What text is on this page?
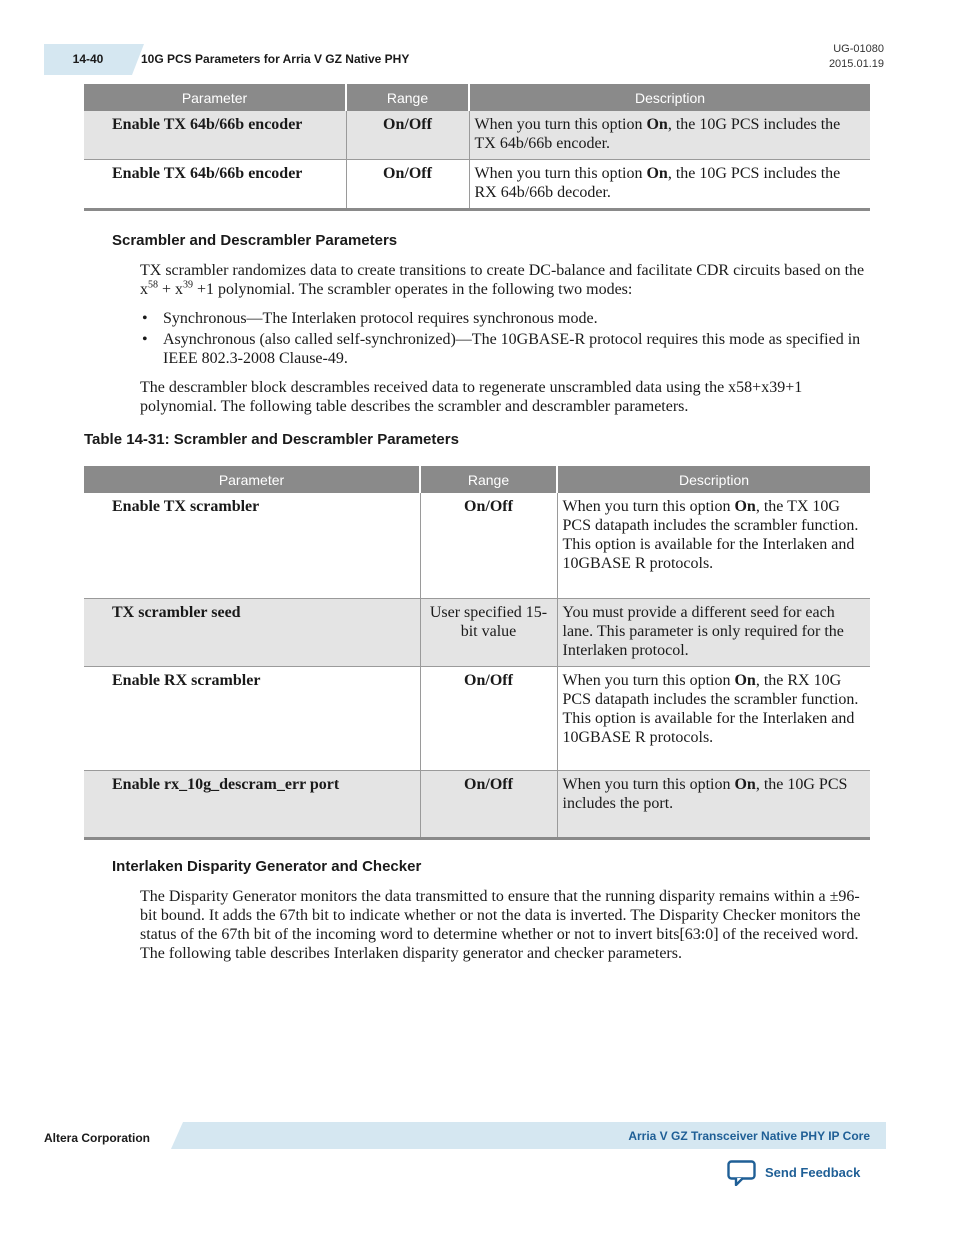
14-40	10G PCS Parameters for Arria V GZ Native PHY
UG-01080
2015.01.19
Parameter	Range	Description
Enable TX 64b/66b encoder	On/Off	When you turn this option On, the 10G PCS includes the TX 64b/66b encoder.
Enable TX 64b/66b encoder	On/Off	When you turn this option On, the 10G PCS includes the RX 64b/66b decoder.
Scrambler and Descrambler Parameters
TX scrambler randomizes data to create transitions to create DC-balance and facilitate CDR circuits based on the $x^{58} + x^{39} +1$ polynomial. The scrambler operates in the following two modes:
• Synchronous—The Interlaken protocol requires synchronous mode.
• Asynchronous (also called self-synchronized)—The 10GBASE-R protocol requires this mode as specified in IEEE 802.3-2008 Clause-49.
The descrambler block descrambles received data to regenerate unscrambled data using the x58+x39+1 polynomial. The following table describes the scrambler and descrambler parameters.
Table 14-31: Scrambler and Descrambler Parameters
Parameter	Range	Description
Enable TX scrambler	On/Off	When you turn this option On, the TX 10G PCS datapath includes the scrambler function. This option is available for the Interlaken and 10GBASE R protocols.
TX scrambler seed	User specified 15-bit value	You must provide a different seed for each lane. This parameter is only required for the Interlaken protocol.
Enable RX scrambler	On/Off	When you turn this option On, the RX 10G PCS datapath includes the scrambler function. This option is available for the Interlaken and 10GBASE R protocols.
Enable rx_10g_descram_err port	On/Off	When you turn this option On, the 10G PCS includes the port.
Interlaken Disparity Generator and Checker
The Disparity Generator monitors the data transmitted to ensure that the running disparity remains within a ±96-bit bound. It adds the 67th bit to indicate whether or not the data is inverted. The Disparity Checker monitors the status of the 67th bit of the incoming word to determine whether or not to invert bits[63:0] of the received word. The following table describes Interlaken disparity generator and checker parameters.
Altera Corporation	Arria V GZ Transceiver Native PHY IP Core
Send Feedback
